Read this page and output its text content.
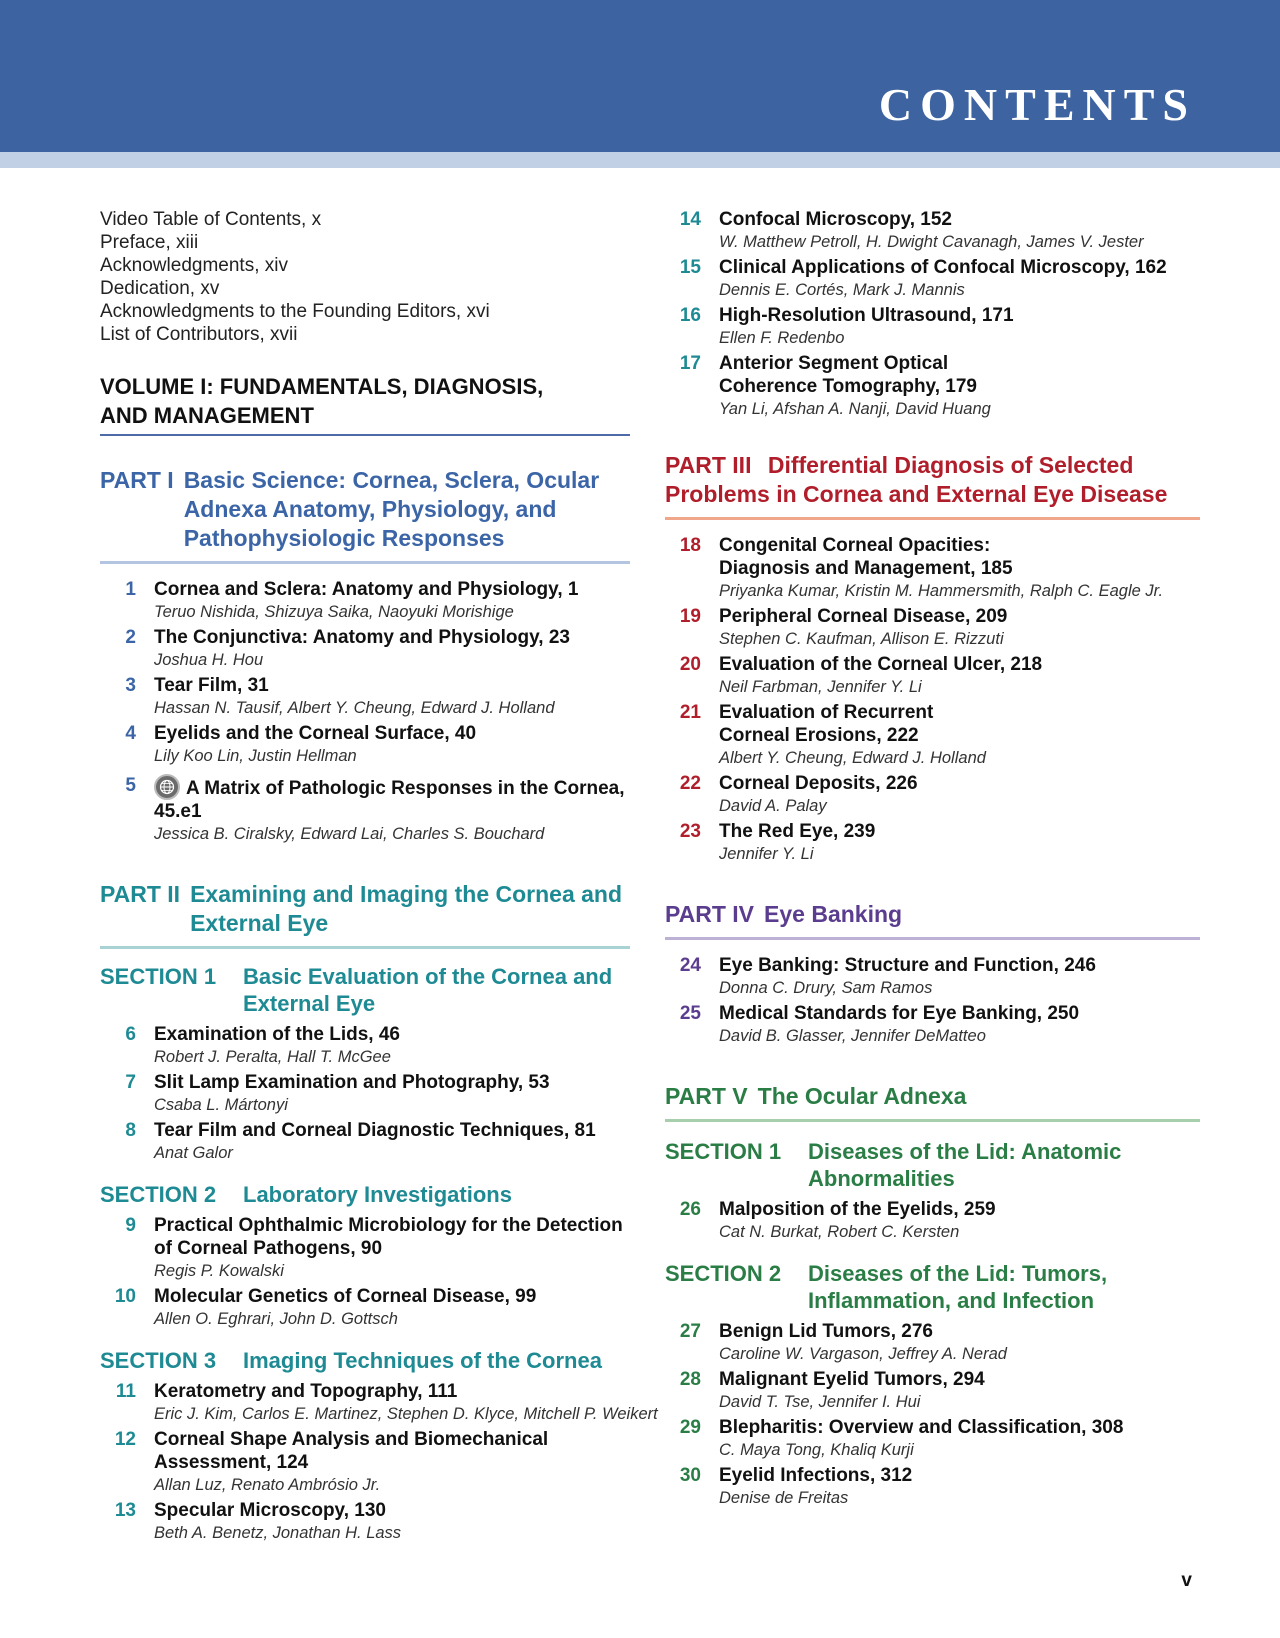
CONTENTS
Video Table of Contents, x
Preface, xiii
Acknowledgments, xiv
Dedication, xv
Acknowledgments to the Founding Editors, xvi
List of Contributors, xvii
VOLUME I: FUNDAMENTALS, DIAGNOSIS,
AND MANAGEMENT
PART I Basic Science: Cornea, Sclera, Ocular Adnexa Anatomy, Physiology, and Pathophysiologic Responses
1 Cornea and Sclera: Anatomy and Physiology, 1
Teruo Nishida, Shizuya Saika, Naoyuki Morishige
2 The Conjunctiva: Anatomy and Physiology, 23
Joshua H. Hou
3 Tear Film, 31
Hassan N. Tausif, Albert Y. Cheung, Edward J. Holland
4 Eyelids and the Corneal Surface, 40
Lily Koo Lin, Justin Hellman
5	A Matrix of Pathologic Responses in the Cornea, 45.e1
Jessica B. Ciralsky, Edward Lai, Charles S. Bouchard
PART II Examining and Imaging the Cornea and External Eye
SECTION 1	Basic Evaluation of the Cornea and External Eye
6 Examination of the Lids, 46
Robert J. Peralta, Hall T. McGee
7 Slit Lamp Examination and Photography, 53
Csaba L. Mártonyi
8 Tear Film and Corneal Diagnostic Techniques, 81
Anat Galor
SECTION 2	Laboratory Investigations
9 Practical Ophthalmic Microbiology for the Detection of Corneal Pathogens, 90
Regis P. Kowalski
10 Molecular Genetics of Corneal Disease, 99
Allen O. Eghrari, John D. Gottsch
SECTION 3	Imaging Techniques of the Cornea
11 Keratometry and Topography, 111
Eric J. Kim, Carlos E. Martinez, Stephen D. Klyce, Mitchell P. Weikert
12 Corneal Shape Analysis and Biomechanical Assessment, 124
Allan Luz, Renato Ambrósio Jr.
13 Specular Microscopy, 130
Beth A. Benetz, Jonathan H. Lass
14 Confocal Microscopy, 152
W. Matthew Petroll, H. Dwight Cavanagh, James V. Jester
15 Clinical Applications of Confocal Microscopy, 162
Dennis E. Cortés, Mark J. Mannis
16 High-Resolution Ultrasound, 171
Ellen F. Redenbo
17 Anterior Segment Optical Coherence Tomography, 179
Yan Li, Afshan A. Nanji, David Huang
PART III Differential Diagnosis of Selected Problems in Cornea and External Eye Disease
18 Congenital Corneal Opacities: Diagnosis and Management, 185
Priyanka Kumar, Kristin M. Hammersmith, Ralph C. Eagle Jr.
19 Peripheral Corneal Disease, 209
Stephen C. Kaufman, Allison E. Rizzuti
20 Evaluation of the Corneal Ulcer, 218
Neil Farbman, Jennifer Y. Li
21 Evaluation of Recurrent Corneal Erosions, 222
Albert Y. Cheung, Edward J. Holland
22 Corneal Deposits, 226
David A. Palay
23 The Red Eye, 239
Jennifer Y. Li
PART IV Eye Banking
24 Eye Banking: Structure and Function, 246
Donna C. Drury, Sam Ramos
25 Medical Standards for Eye Banking, 250
David B. Glasser, Jennifer DeMatteo
PART V The Ocular Adnexa
SECTION 1	Diseases of the Lid: Anatomic Abnormalities
26 Malposition of the Eyelids, 259
Cat N. Burkat, Robert C. Kersten
SECTION 2	Diseases of the Lid: Tumors, Inflammation, and Infection
27 Benign Lid Tumors, 276
Caroline W. Vargason, Jeffrey A. Nerad
28 Malignant Eyelid Tumors, 294
David T. Tse, Jennifer I. Hui
29 Blepharitis: Overview and Classification, 308
C. Maya Tong, Khaliq Kurji
30 Eyelid Infections, 312
Denise de Freitas
v
